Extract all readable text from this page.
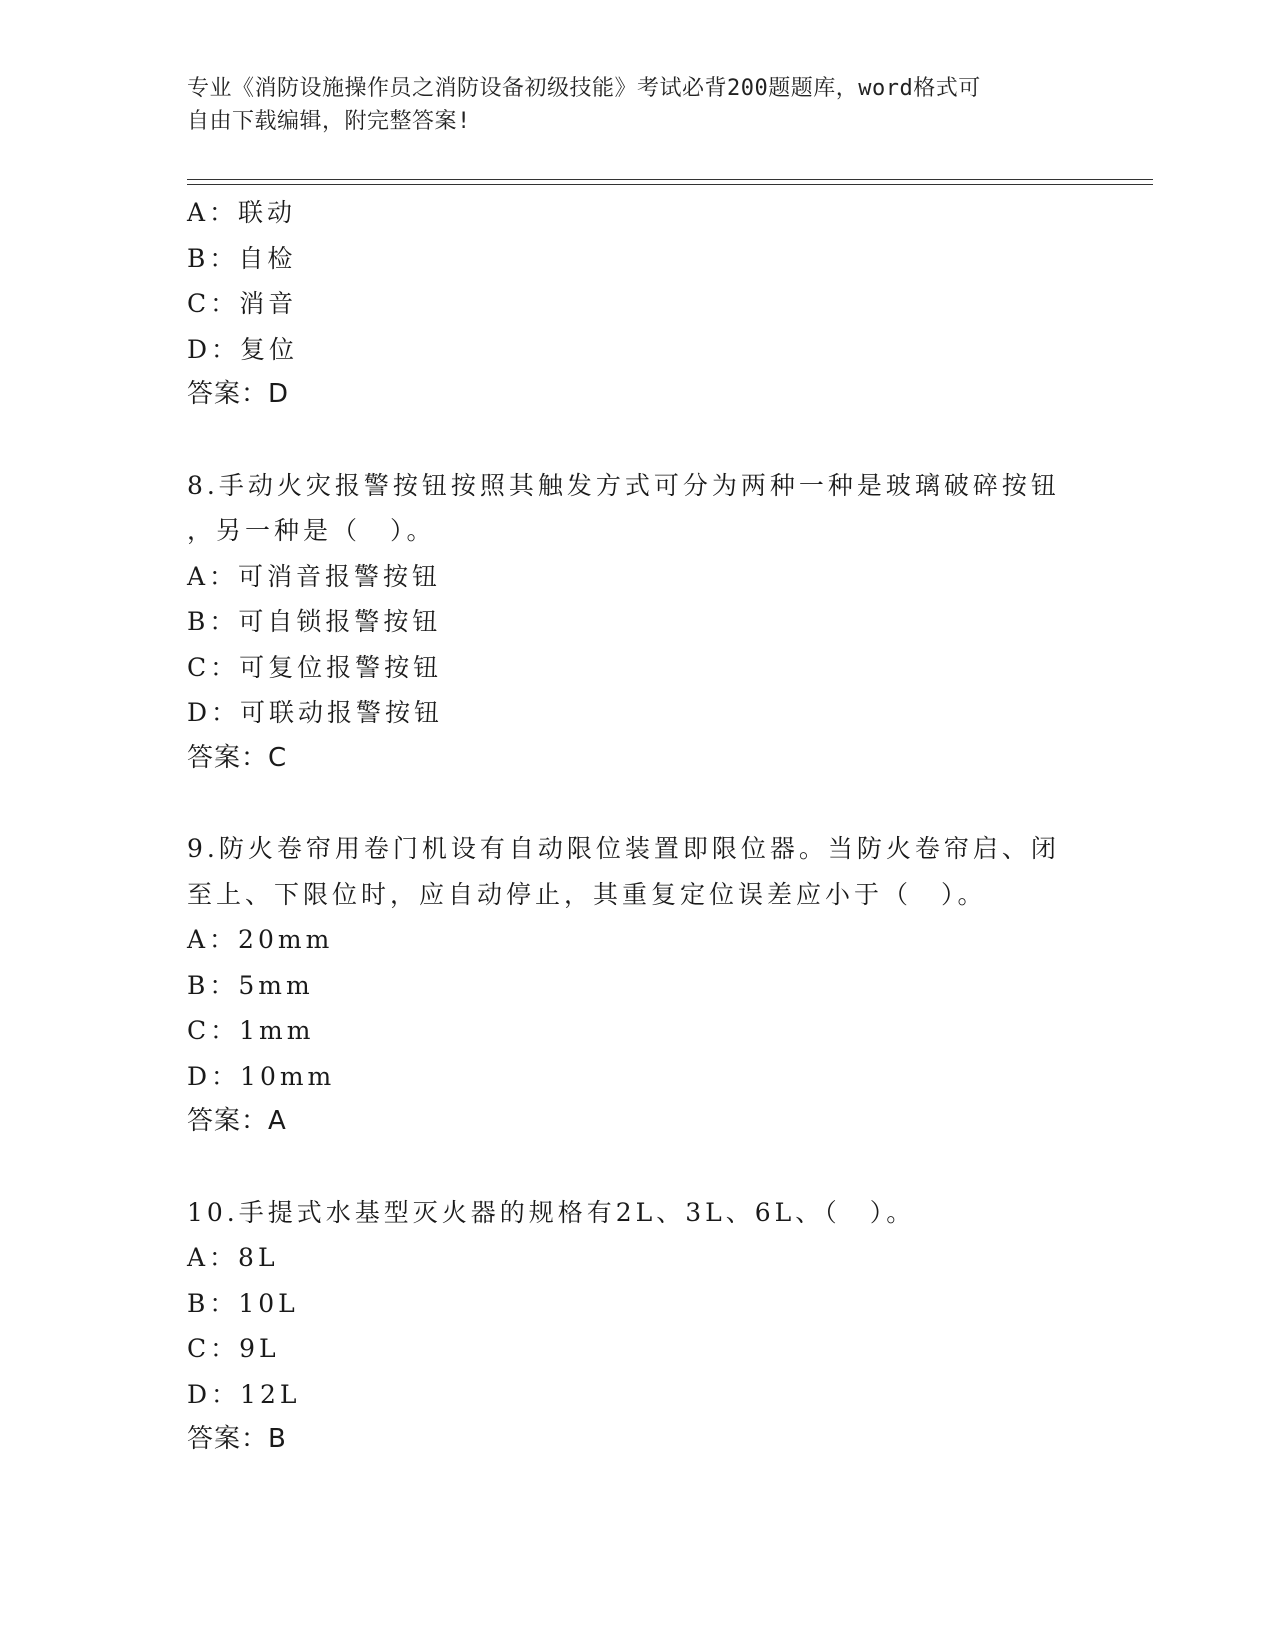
专业《消防设施操作员之消防设备初级技能》考试必背200题题库，word格式可
自由下载编辑，附完整答案!
A：联动
B：自检
C：消音
D：复位
答案：D
8.手动火灾报警按钮按照其触发方式可分为两种一种是玻璃破碎按钮
，另一种是（　）。
A：可消音报警按钮
B：可自锁报警按钮
C：可复位报警按钮
D：可联动报警按钮
答案：C
9.防火卷帘用卷门机设有自动限位装置即限位器。当防火卷帘启、闭
至上、下限位时，应自动停止，其重复定位误差应小于（　）。
A：20mm
B：5mm
C：1mm
D：10mm
答案：A
10.手提式水基型灭火器的规格有2L、3L、6L、（　）。
A：8L
B：10L
C：9L
D：12L
答案：B
